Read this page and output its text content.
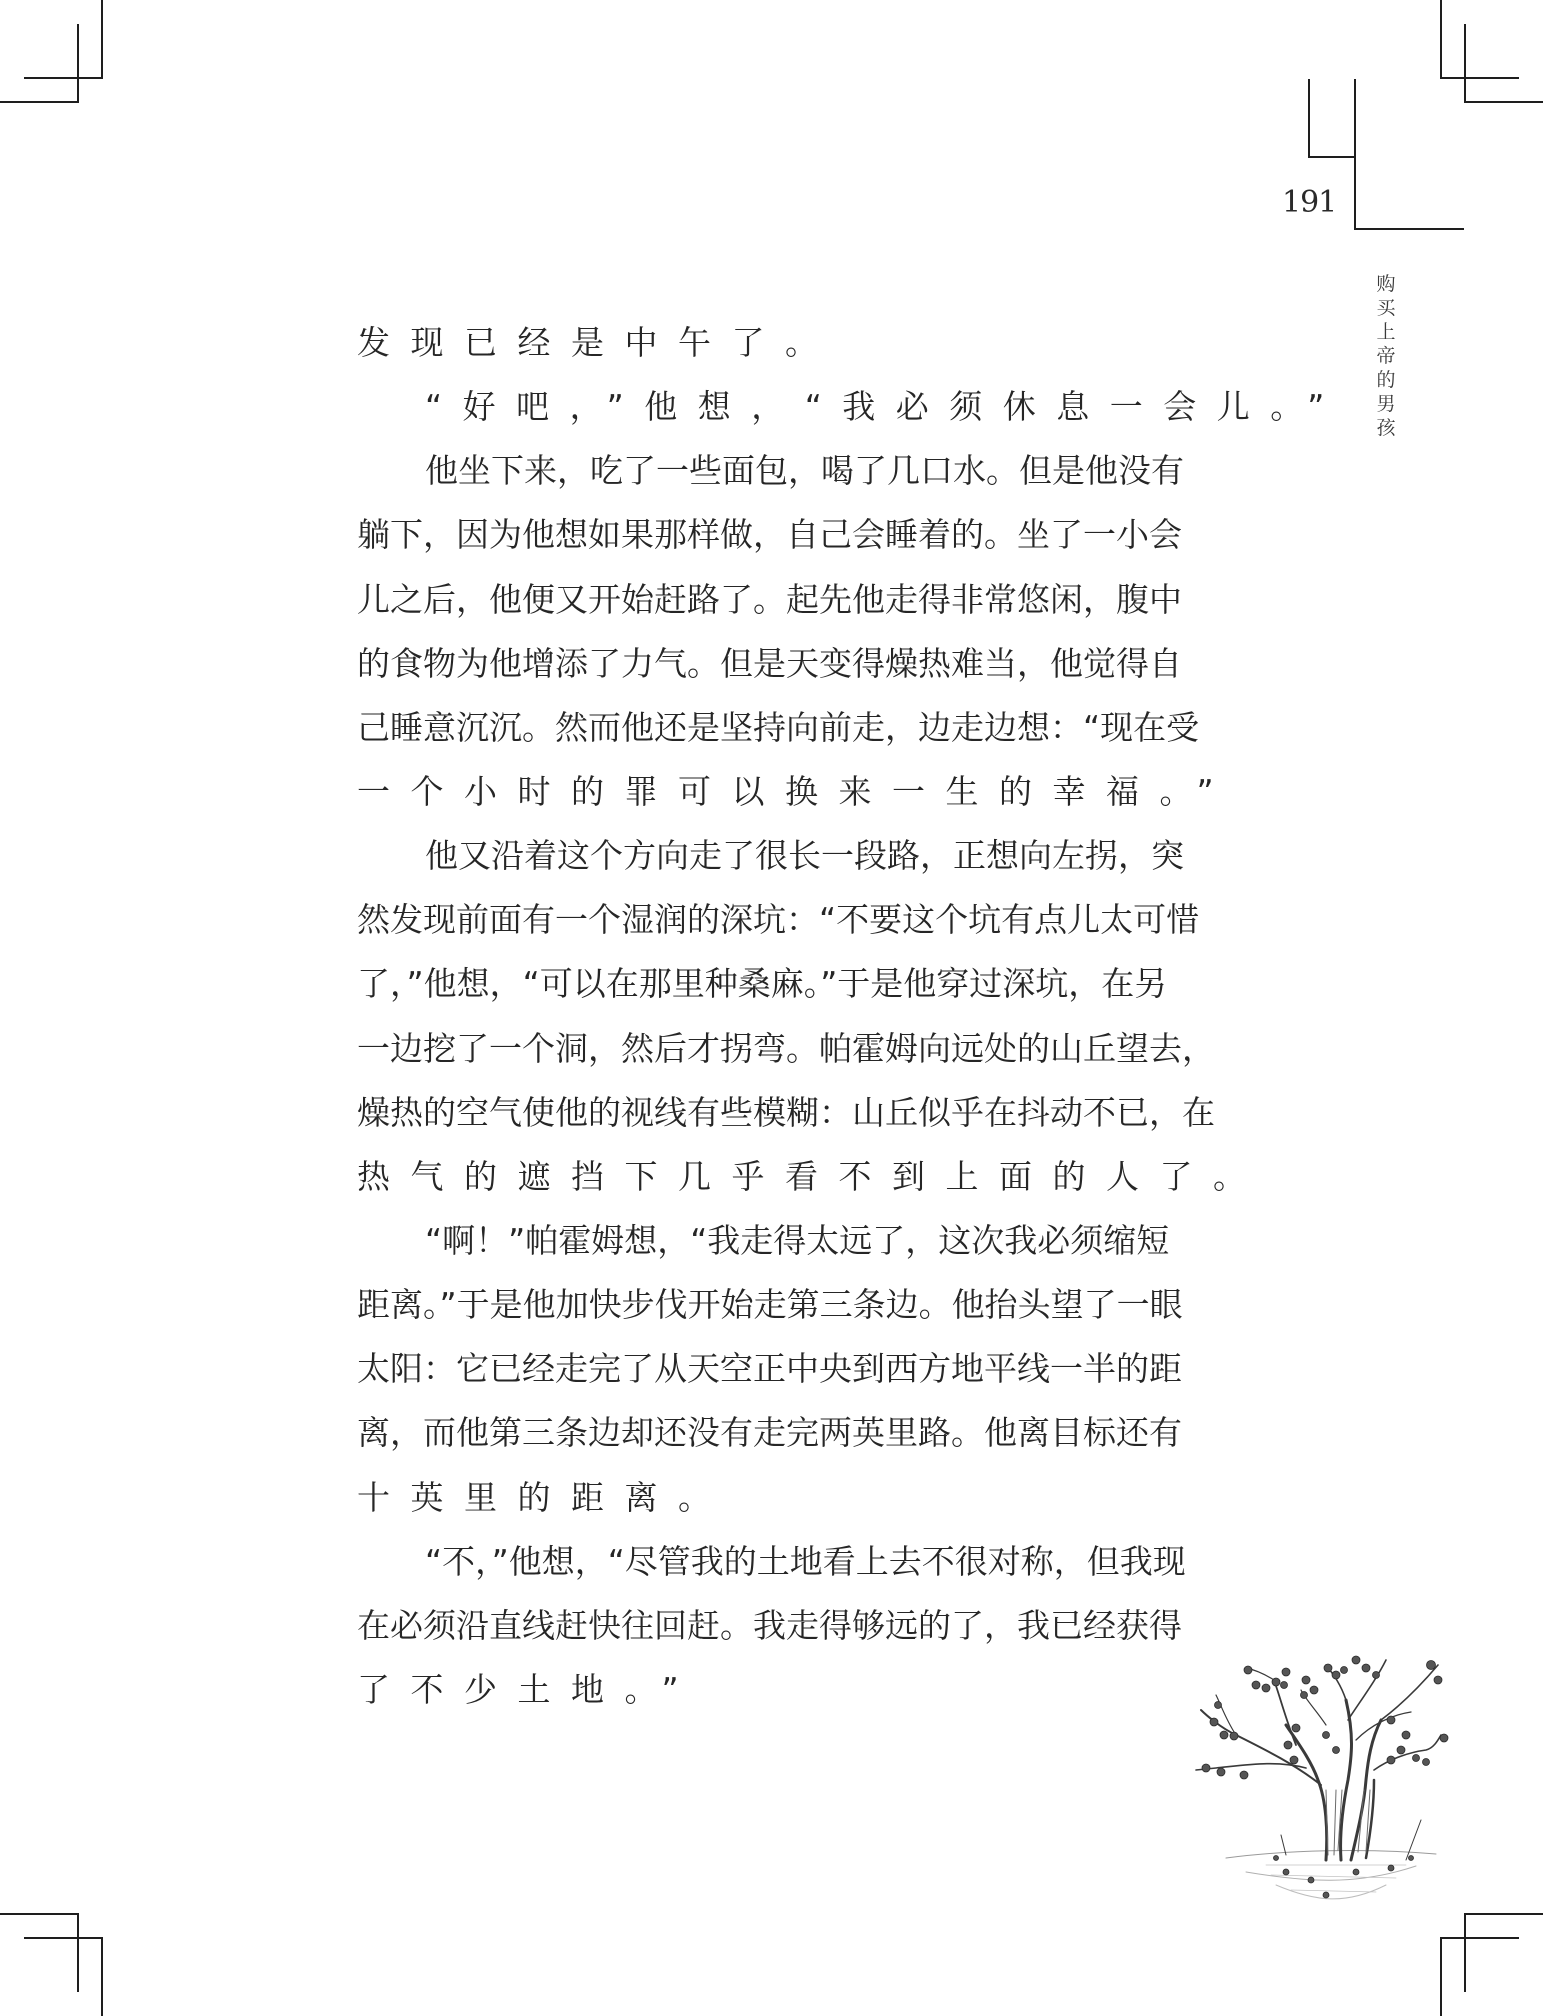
191
购买上帝的男孩
发现已经是中午了。
“好吧，”他想，“我必须休息一会儿。”
他坐下来，吃了一些面包，喝了几口水。但是他没有
躺下，因为他想如果那样做，自己会睡着的。坐了一小会
儿之后，他便又开始赶路了。起先他走得非常悠闲，腹中
的食物为他增添了力气。但是天变得燥热难当，他觉得自
己睡意沉沉。然而他还是坚持向前走，边走边想：“现在受
一个小时的罪可以换来一生的幸福。”
他又沿着这个方向走了很长一段路，正想向左拐，突
然发现前面有一个湿润的深坑：“不要这个坑有点儿太可惜
了，”他想，“可以在那里种桑麻。”于是他穿过深坑，在另
一边挖了一个洞，然后才拐弯。帕霍姆向远处的山丘望去，
燥热的空气使他的视线有些模糊：山丘似乎在抖动不已，在
热气的遮挡下几乎看不到上面的人了。
“啊！”帕霍姆想，“我走得太远了，这次我必须缩短
距离。”于是他加快步伐开始走第三条边。他抬头望了一眼
太阳：它已经走完了从天空正中央到西方地平线一半的距
离，而他第三条边却还没有走完两英里路。他离目标还有
十英里的距离。
“不，”他想，“尽管我的土地看上去不很对称，但我现
在必须沿直线赶快往回赶。我走得够远的了，我已经获得
了不少土地。”
